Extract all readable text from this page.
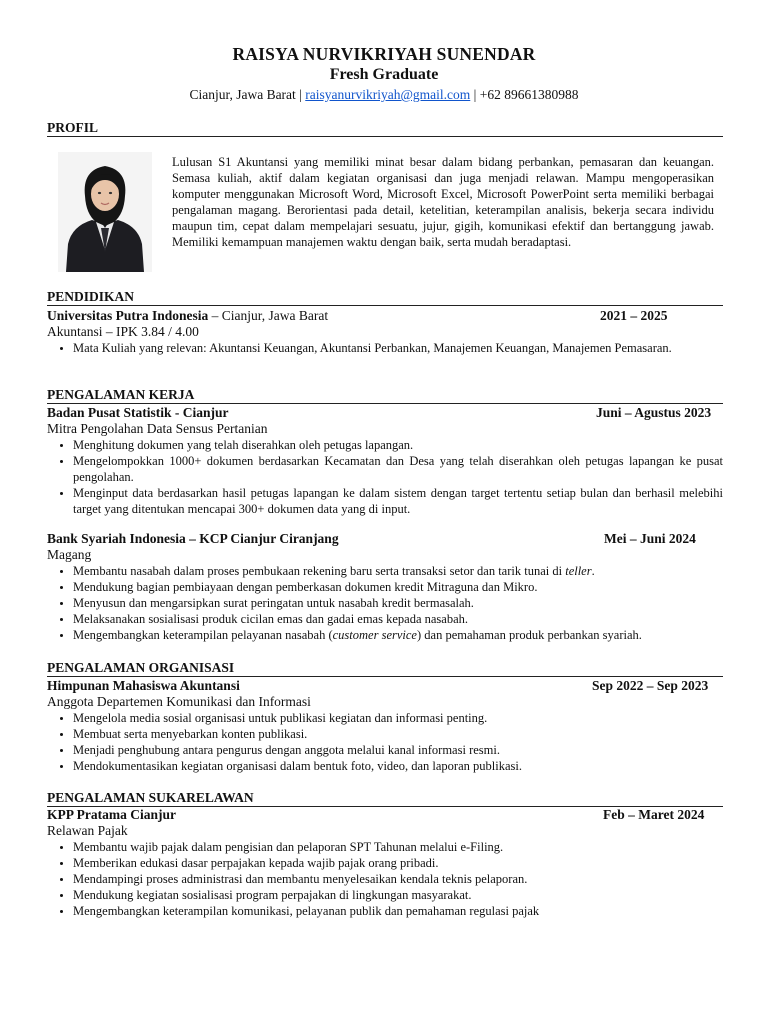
RAISYA NURVIKRIYAH SUNENDAR
Fresh Graduate
Cianjur, Jawa Barat | raisyanurvikriyah@gmail.com | +62 89661380988
PROFIL
Lulusan S1 Akuntansi yang memiliki minat besar dalam bidang perbankan, pemasaran dan keuangan. Semasa kuliah, aktif dalam kegiatan organisasi dan juga menjadi relawan. Mampu mengoperasikan komputer menggunakan Microsoft Word, Microsoft Excel, Microsoft PowerPoint serta memiliki berbagai pengalaman magang. Berorientasi pada detail, ketelitian, keterampilan analisis, bekerja secara individu maupun tim, cepat dalam mempelajari sesuatu, jujur, gigih, komunikasi efektif dan bertanggung jawab. Memiliki kemampuan manajemen waktu dengan baik, serta mudah beradaptasi.
PENDIDIKAN
Universitas Putra Indonesia – Cianjur, Jawa Barat	2021 – 2025
Akuntansi – IPK 3.84 / 4.00
• Mata Kuliah yang relevan: Akuntansi Keuangan, Akuntansi Perbankan, Manajemen Keuangan, Manajemen Pemasaran.
PENGALAMAN KERJA
Badan Pusat Statistik - Cianjur	Juni – Agustus 2023
Mitra Pengolahan Data Sensus Pertanian
• Menghitung dokumen yang telah diserahkan oleh petugas lapangan.
• Mengelompokkan 1000+ dokumen berdasarkan Kecamatan dan Desa yang telah diserahkan oleh petugas lapangan ke pusat pengolahan.
• Menginput data berdasarkan hasil petugas lapangan ke dalam sistem dengan target tertentu setiap bulan dan berhasil melebihi target yang ditentukan mencapai 300+ dokumen data yang di input.
Bank Syariah Indonesia – KCP Cianjur Ciranjang	Mei – Juni 2024
Magang
• Membantu nasabah dalam proses pembukaan rekening baru serta transaksi setor dan tarik tunai di teller.
• Mendukung bagian pembiayaan dengan pemberkasan dokumen kredit Mitraguna dan Mikro.
• Menyusun dan mengarsipkan surat peringatan untuk nasabah kredit bermasalah.
• Melaksanakan sosialisasi produk cicilan emas dan gadai emas kepada nasabah.
• Mengembangkan keterampilan pelayanan nasabah (customer service) dan pemahaman produk perbankan syariah.
PENGALAMAN ORGANISASI
Himpunan Mahasiswa Akuntansi	Sep 2022 – Sep 2023
Anggota Departemen Komunikasi dan Informasi
• Mengelola media sosial organisasi untuk publikasi kegiatan dan informasi penting.
• Membuat serta menyebarkan konten publikasi.
• Menjadi penghubung antara pengurus dengan anggota melalui kanal informasi resmi.
• Mendokumentasikan kegiatan organisasi dalam bentuk foto, video, dan laporan publikasi.
PENGALAMAN SUKARELAWAN
KPP Pratama Cianjur	Feb – Maret 2024
Relawan Pajak
• Membantu wajib pajak dalam pengisian dan pelaporan SPT Tahunan melalui e-Filing.
• Memberikan edukasi dasar perpajakan kepada wajib pajak orang pribadi.
• Mendampingi proses administrasi dan membantu menyelesaikan kendala teknis pelaporan.
• Mendukung kegiatan sosialisasi program perpajakan di lingkungan masyarakat.
• Mengembangkan keterampilan komunikasi, pelayanan publik dan pemahaman regulasi pajak
